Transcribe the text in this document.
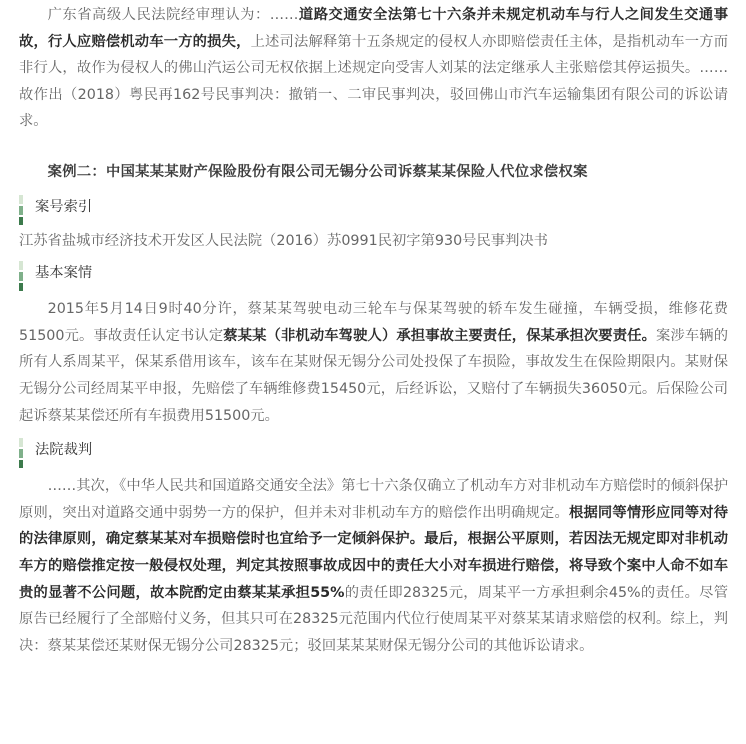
广东省高级人民法院经审理认为：……道路交通安全法第七十六条并未规定机动车与行人之间发生交通事故，行人应赔偿机动车一方的损失，上述司法解释第十五条规定的侵权人亦即赔偿责任主体，是指机动车一方而非行人，故作为侵权人的佛山汽运公司无权依据上述规定向受害人刘某的法定继承人主张赔偿其停运损失。……故作出（2018）粤民再162号民事判决：撤销一、二审民事判决，驳回佛山市汽车运输集团有限公司的诉讼请求。

案例二：中国某某某财产保险股份有限公司无锡分公司诉蔡某某保险人代位求偿权案

案号索引

江苏省盐城市经济技术开发区人民法院（2016）苏0991民初字第930号民事判决书

基本案情

2015年5月14日9时40分许，蔡某某驾驶电动三轮车与保某驾驶的轿车发生碰撞，车辆受损，维修花费51500元。事故责任认定书认定蔡某某（非机动车驾驶人）承担事故主要责任，保某承担次要责任。案涉车辆的所有人系周某平，保某系借用该车，该车在某财保无锡分公司处投保了车损险，事故发生在保险期限内。某财保无锡分公司经周某平申报，先赔偿了车辆维修费15450元，后经诉讼，又赔付了车辆损失36050元。后保险公司起诉蔡某某偿还所有车损费用51500元。

法院裁判

……其次，《中华人民共和国道路交通安全法》第七十六条仅确立了机动车方对非机动车方赔偿时的倾斜保护原则，突出对道路交通中弱势一方的保护，但并未对非机动车方的赔偿作出明确规定。根据同等情形应同等对待的法律原则，确定蔡某某对车损赔偿时也宜给予一定倾斜保护。最后，根据公平原则，若因法无规定即对非机动车方的赔偿推定按一般侵权处理，判定其按照事故成因中的责任大小对车损进行赔偿，将导致个案中人命不如车贵的显著不公问题，故本院酌定由蔡某某承担55%的责任即28325元，周某平一方承担剩余45%的责任。尽管原告已经履行了全部赔付义务，但其只可在28325元范围内代位行使周某平对蔡某某请求赔偿的权利。综上，判决：蔡某某偿还某财保无锡分公司28325元；驳回某某某财保无锡分公司的其他诉讼请求。
